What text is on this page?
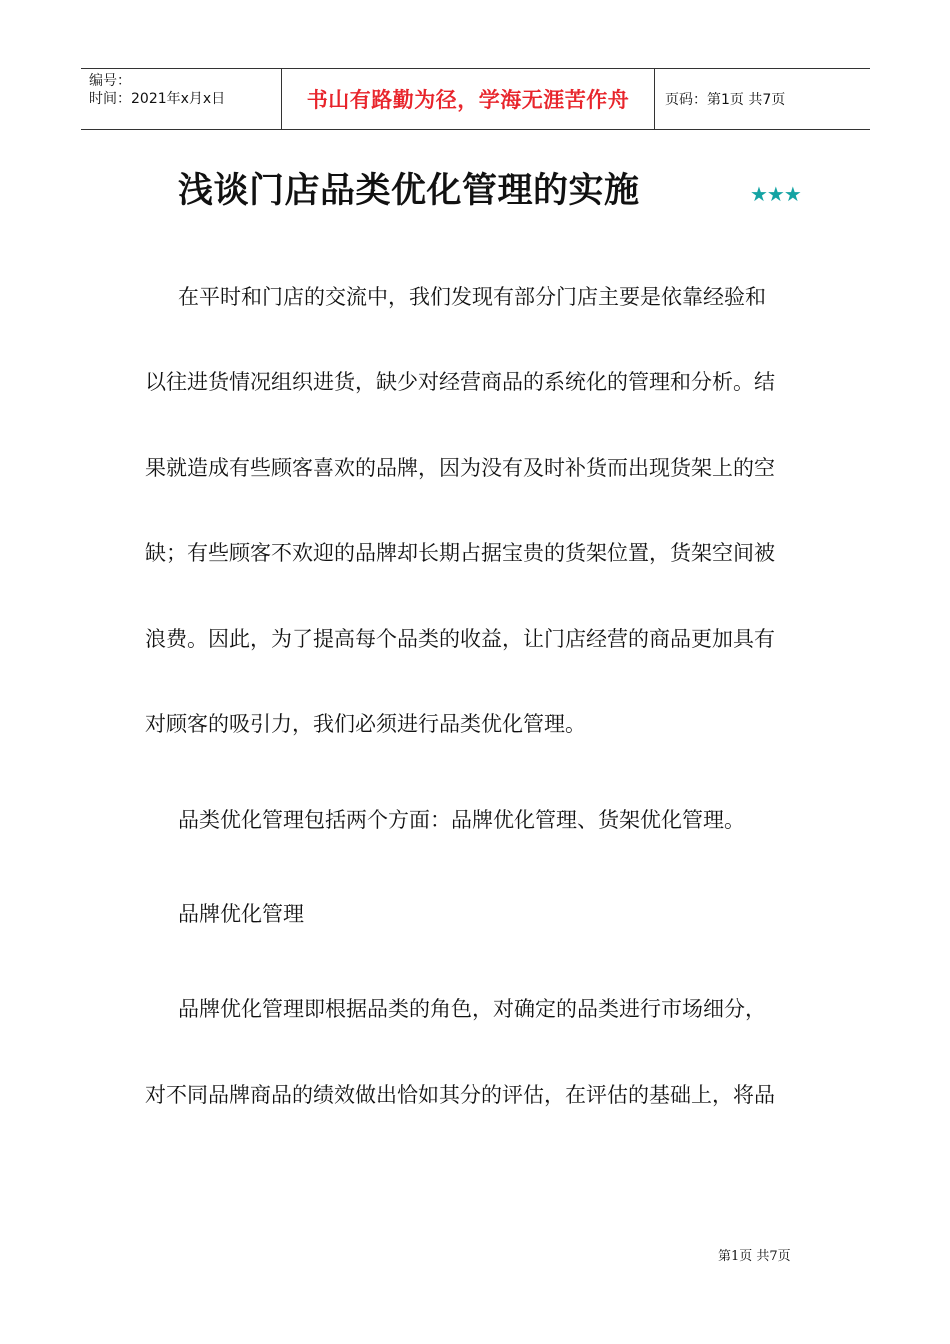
编号：
时间：2021年x月x日	书山有路勤为径，学海无涯苦作舟	页码：第1页 共7页
浅谈门店品类优化管理的实施	★★★
在平时和门店的交流中，我们发现有部分门店主要是依靠经验和
以往进货情况组织进货，缺少对经营商品的系统化的管理和分析。结
果就造成有些顾客喜欢的品牌，因为没有及时补货而出现货架上的空
缺；有些顾客不欢迎的品牌却长期占据宝贵的货架位置，货架空间被
浪费。因此，为了提高每个品类的收益，让门店经营的商品更加具有
对顾客的吸引力，我们必须进行品类优化管理。
品类优化管理包括两个方面：品牌优化管理、货架优化管理。
品牌优化管理
品牌优化管理即根据品类的角色，对确定的品类进行市场细分，
对不同品牌商品的绩效做出恰如其分的评估，在评估的基础上，将品
第1页 共7页
